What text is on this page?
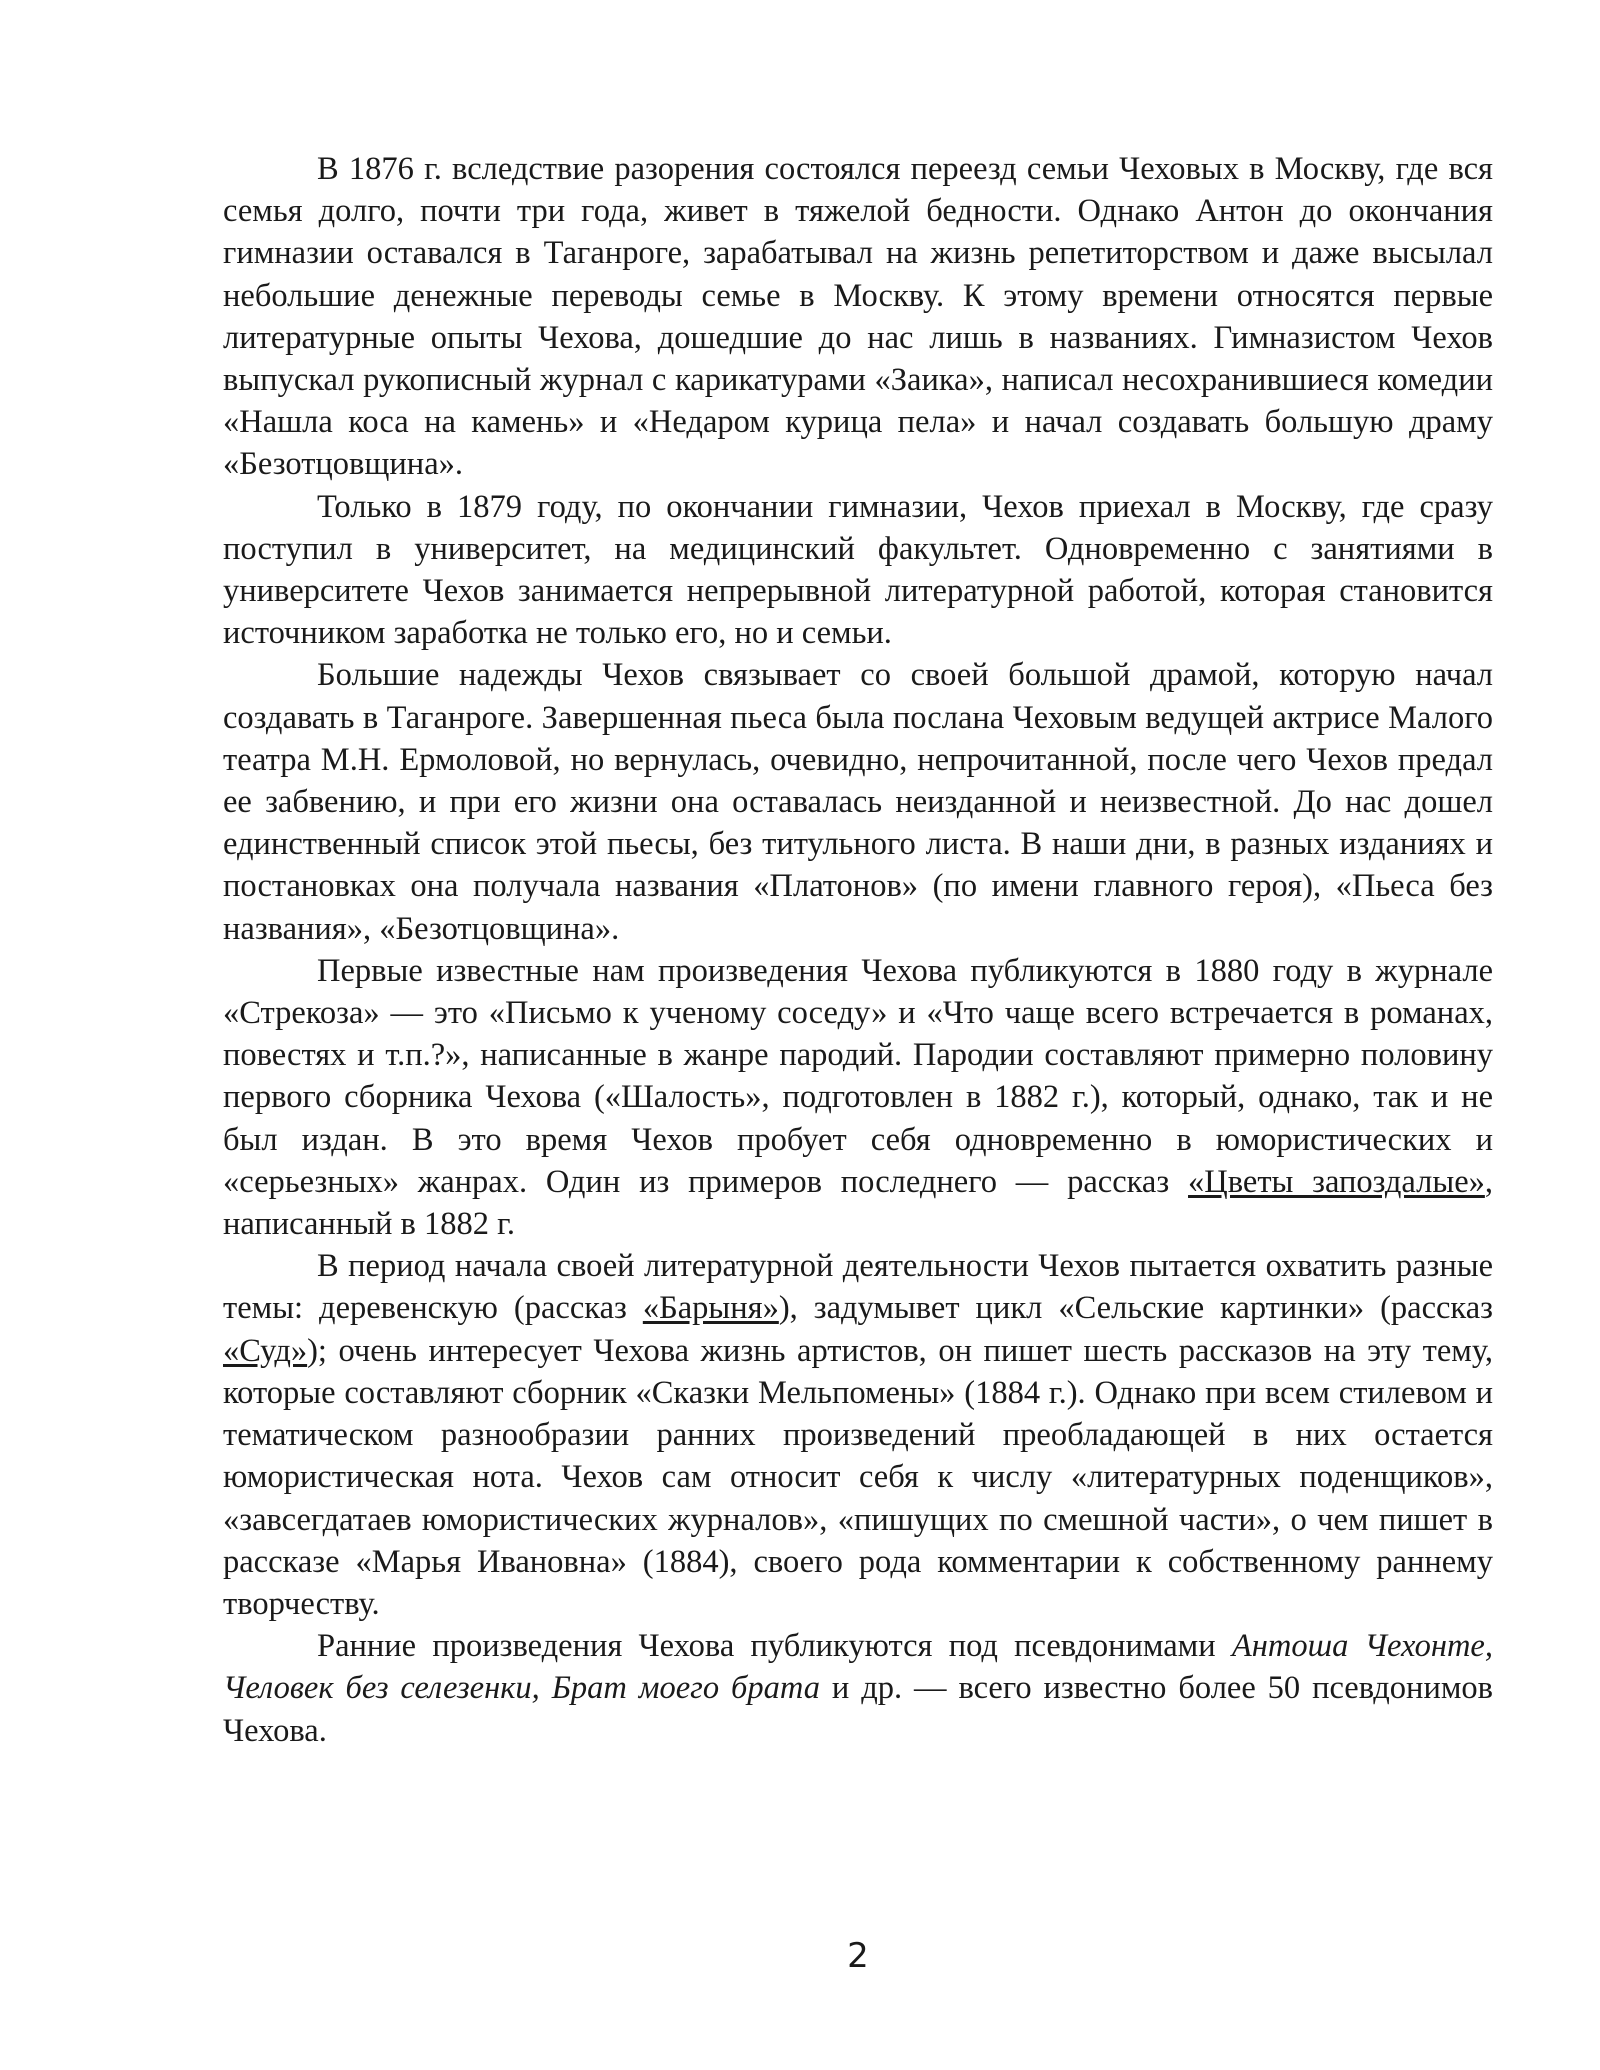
В 1876 г. вследствие разорения состоялся переезд семьи Чеховых в Москву, где вся семья долго, почти три года, живет в тяжелой бедности. Однако Антон до окончания гимназии оставался в Таганроге, зарабатывал на жизнь репетиторством и даже высылал небольшие денежные переводы семье в Москву. К этому времени относятся первые литературные опыты Чехова, дошедшие до нас лишь в названиях. Гимназистом Чехов выпускал рукописный журнал с карикатурами «Заика», написал несохранившиеся комедии «Нашла коса на камень» и «Недаром курица пела» и начал создавать большую драму «Безотцовщина».

Только в 1879 году, по окончании гимназии, Чехов приехал в Москву, где сразу поступил в университет, на медицинский факультет. Одновременно с занятиями в университете Чехов занимается непрерывной литературной работой, которая становится источником заработка не только его, но и семьи.

Большие надежды Чехов связывает со своей большой драмой, которую начал создавать в Таганроге. Завершенная пьеса была послана Чеховым ведущей актрисе Малого театра М.Н. Ермоловой, но вернулась, очевидно, непрочитанной, после чего Чехов предал ее забвению, и при его жизни она оставалась неизданной и неизвестной. До нас дошел единственный список этой пьесы, без титульного листа. В наши дни, в разных изданиях и постановках она получала названия «Платонов» (по имени главного героя), «Пьеса без названия», «Безотцовщина».

Первые известные нам произведения Чехова публикуются в 1880 году в журнале «Стрекоза» — это «Письмо к ученому соседу» и «Что чаще всего встречается в романах, повестях и т.п.?», написанные в жанре пародий. Пародии составляют примерно половину первого сборника Чехова («Шалость», подготовлен в 1882 г.), который, однако, так и не был издан. В это время Чехов пробует себя одновременно в юмористических и «серьезных» жанрах. Один из примеров последнего — рассказ «Цветы запоздалые», написанный в 1882 г.

В период начала своей литературной деятельности Чехов пытается охватить разные темы: деревенскую (рассказ «Барыня»), задумывет цикл «Сельские картинки» (рассказ «Суд»); очень интересует Чехова жизнь артистов, он пишет шесть рассказов на эту тему, которые составляют сборник «Сказки Мельпомены» (1884 г.). Однако при всем стилевом и тематическом разнообразии ранних произведений преобладающей в них остается юмористическая нота. Чехов сам относит себя к числу «литературных поденщиков», «завсегдатаев юмористических журналов», «пишущих по смешной части», о чем пишет в рассказе «Марья Ивановна» (1884), своего рода комментарии к собственному раннему творчеству.

Ранние произведения Чехова публикуются под псевдонимами Антоша Чехонте, Человек без селезенки, Брат моего брата и др. — всего известно более 50 псевдонимов Чехова.

2
